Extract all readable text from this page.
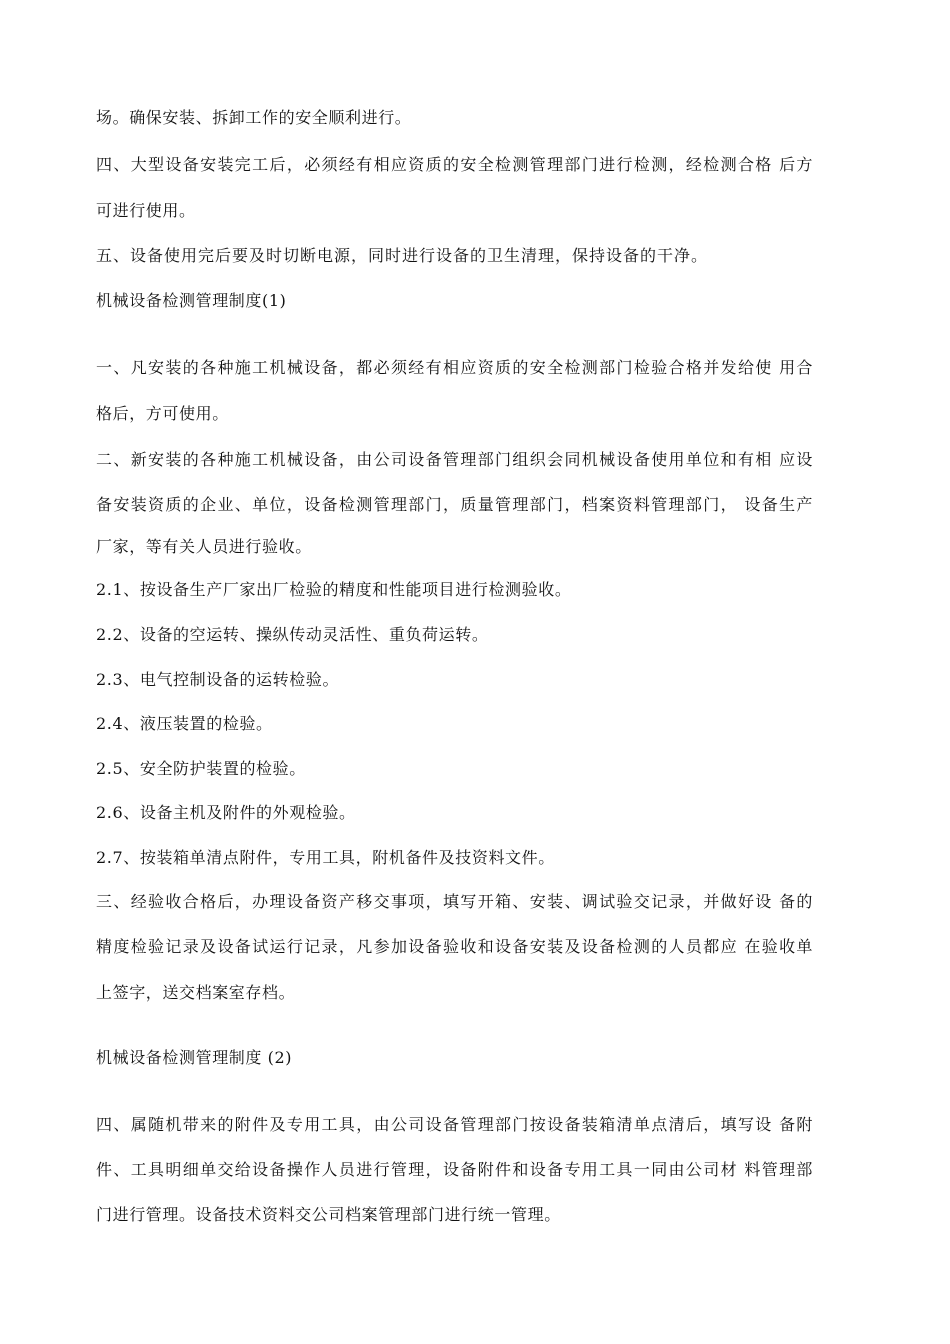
场。确保安装、拆卸工作的安全顺利进行。
四、大型设备安装完工后，必须经有相应资质的安全检测管理部门进行检测，经检测合格 后方
可进行使用。
五、设备使用完后要及时切断电源，同时进行设备的卫生清理，保持设备的干净。
机械设备检测管理制度(1)
一、凡安装的各种施工机械设备，都必须经有相应资质的安全检测部门检验合格并发给使 用合
格后，方可使用。
二、新安装的各种施工机械设备，由公司设备管理部门组织会同机械设备使用单位和有相 应设
备安装资质的企业、单位，设备检测管理部门，质量管理部门，档案资料管理部门， 设备生产
厂家，等有关人员进行验收。
2.1、按设备生产厂家出厂检验的精度和性能项目进行检测验收。
2.2、设备的空运转、操纵传动灵活性、重负荷运转。
2.3、电气控制设备的运转检验。
2.4、液压装置的检验。
2.5、安全防护装置的检验。
2.6、设备主机及附件的外观检验。
2.7、按装箱单清点附件，专用工具，附机备件及技资料文件。
三、经验收合格后，办理设备资产移交事项，填写开箱、安装、调试验交记录，并做好设 备的
精度检验记录及设备试运行记录，凡参加设备验收和设备安装及设备检测的人员都应 在验收单
上签字，送交档案室存档。
机械设备检测管理制度 (2)
四、属随机带来的附件及专用工具，由公司设备管理部门按设备装箱清单点清后，填写设 备附
件、工具明细单交给设备操作人员进行管理，设备附件和设备专用工具一同由公司材 料管理部
门进行管理。设备技术资料交公司档案管理部门进行统一管理。
